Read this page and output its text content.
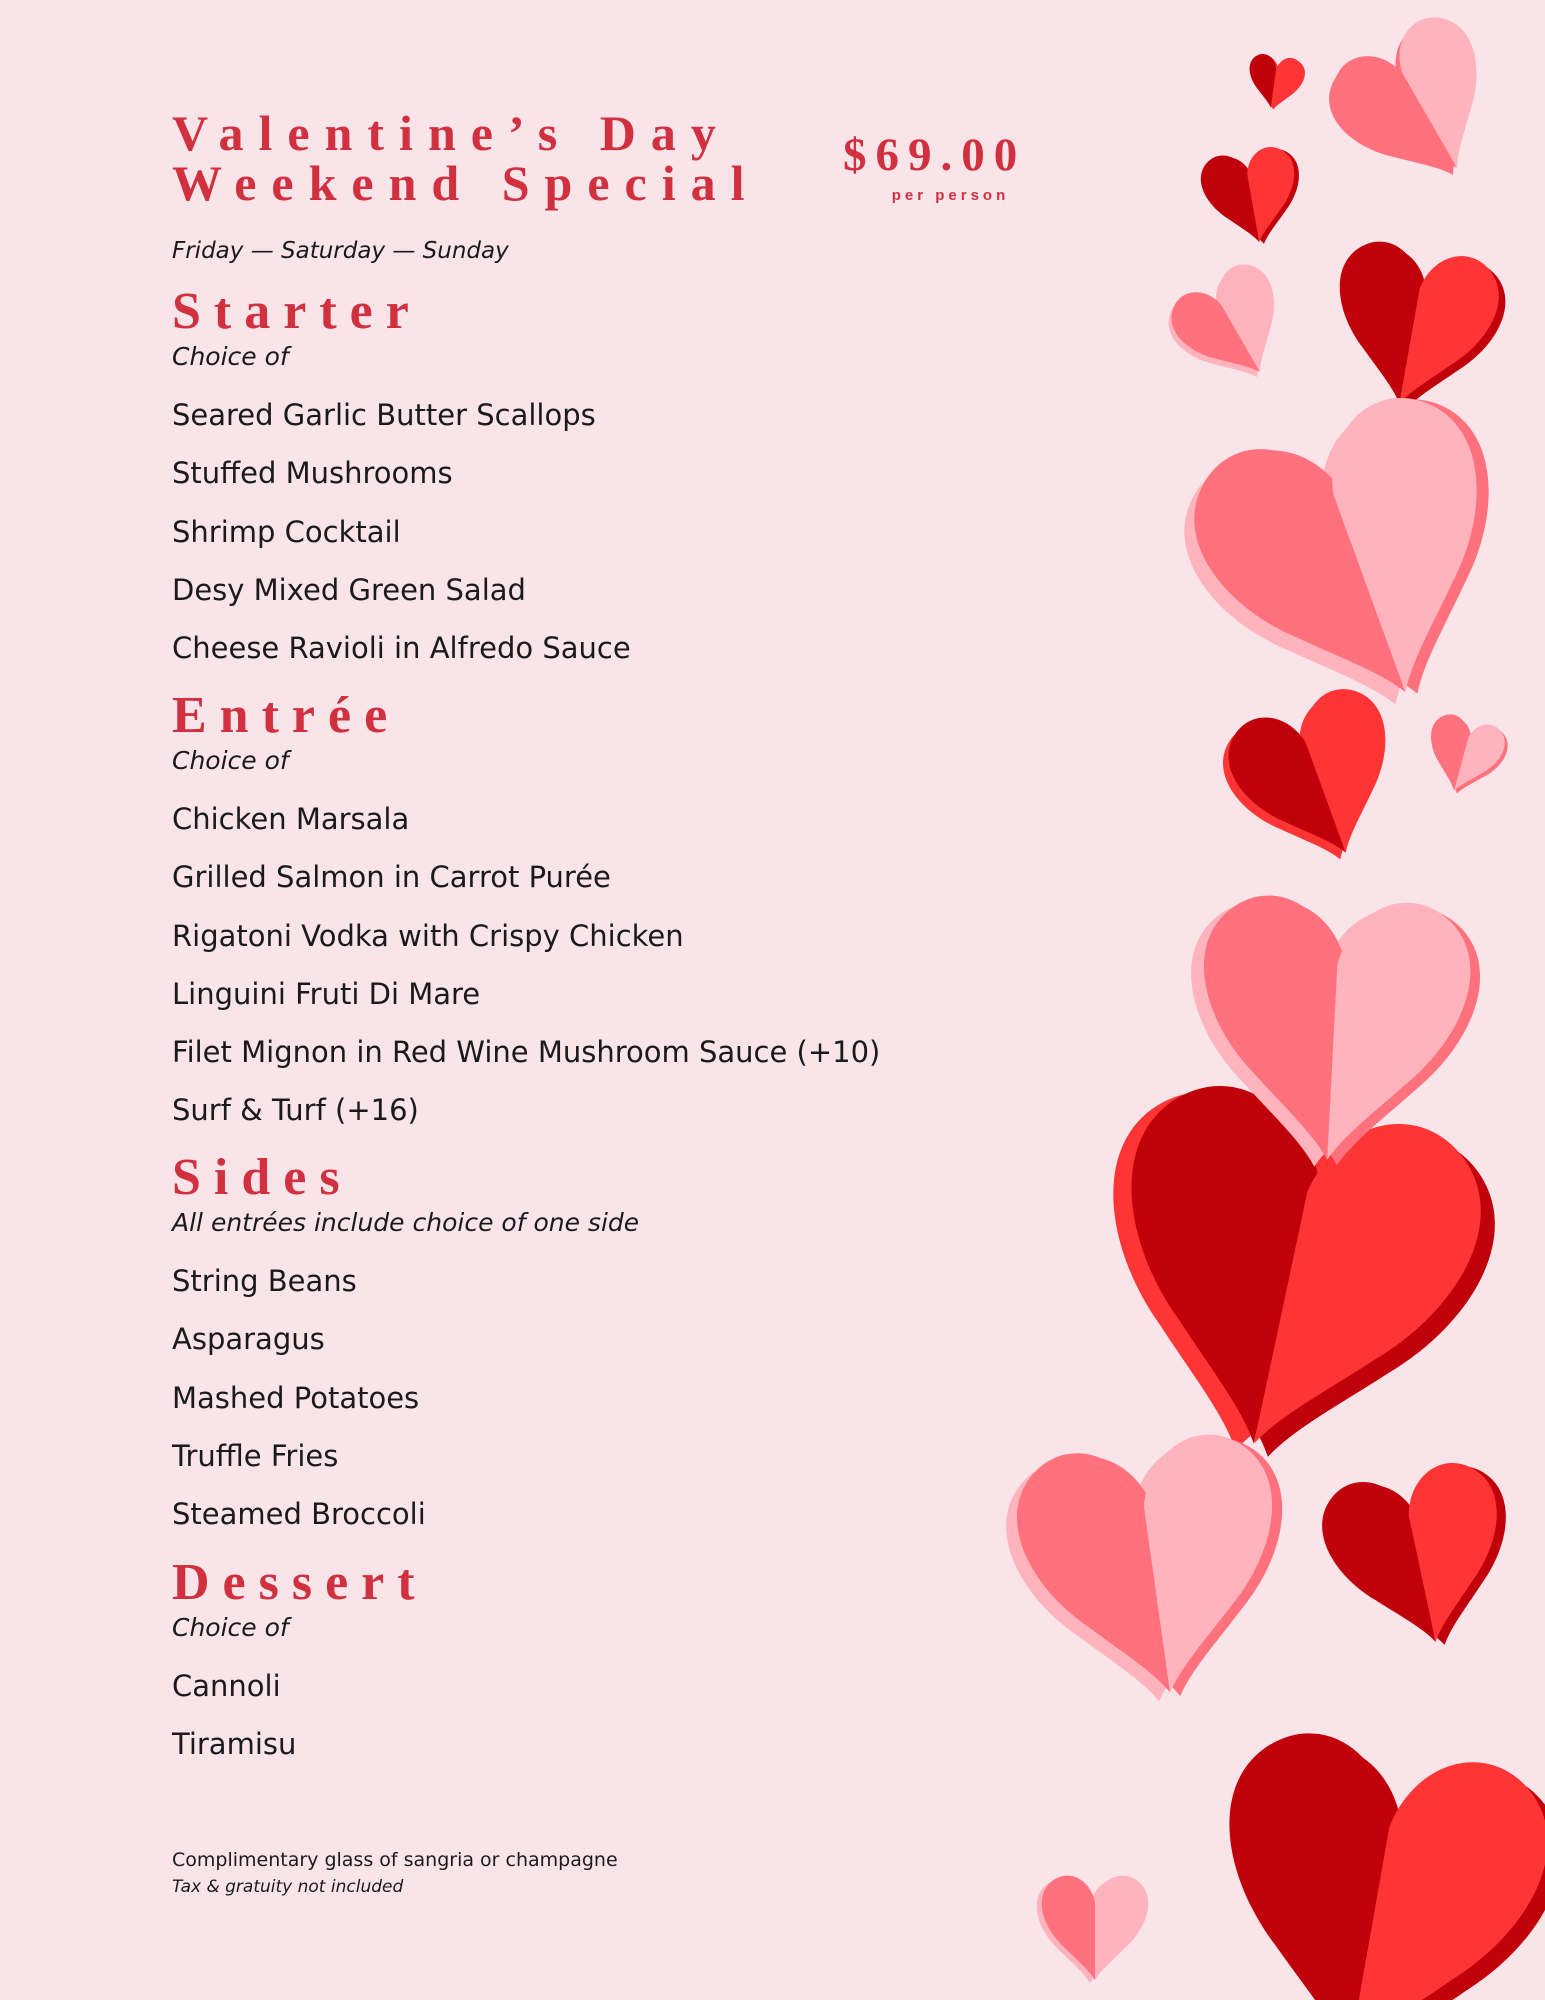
Valentine’s Day
Weekend Special $69.00
per person
Friday — Saturday — Sunday
Starter
Choice of
Seared Garlic Butter Scallops
Stuffed Mushrooms
Shrimp Cocktail
Desy Mixed Green Salad
Cheese Ravioli in Alfredo Sauce
Entrée
Choice of
Chicken Marsala
Grilled Salmon in Carrot Purée
Rigatoni Vodka with Crispy Chicken
Linguini Fruti Di Mare
Filet Mignon in Red Wine Mushroom Sauce (+10)
Surf & Turf (+16)
Sides
All entrées include choice of one side
String Beans
Asparagus
Mashed Potatoes
Truffle Fries
Steamed Broccoli
Dessert
Choice of
Cannoli
Tiramisu
Complimentary glass of sangria or champagne
Tax & gratuity not included
